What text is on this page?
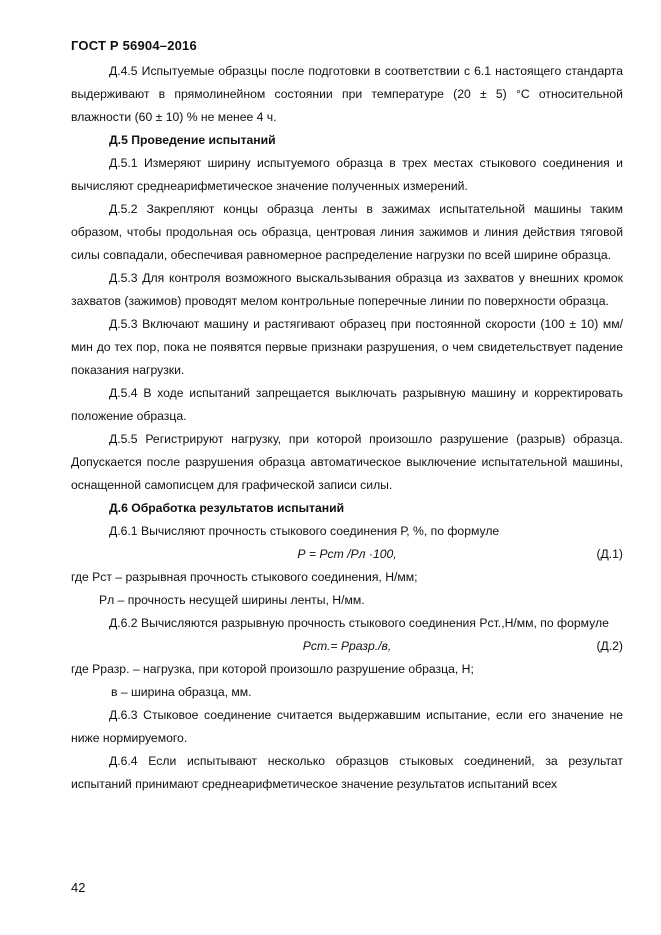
ГОСТ Р 56904–2016

Д.4.5 Испытуемые образцы после подготовки в соответствии с 6.1 настоящего стандарта выдерживают в прямолинейном состоянии при температуре (20 ± 5) °С относительной влажности (60 ± 10) % не менее 4 ч.

Д.5 Проведение испытаний

Д.5.1 Измеряют ширину испытуемого образца в трех местах стыкового соединения и вычисляют среднеарифметическое значение полученных измерений.

Д.5.2 Закрепляют концы образца ленты в зажимах испытательной машины таким образом, чтобы продольная ось образца, центровая линия зажимов и линия действия тяговой силы совпадали, обеспечивая равномерное распределение нагрузки по всей ширине образца.

Д.5.3 Для контроля возможного выскальзывания образца из захватов у внешних кромок захватов (зажимов) проводят мелом контрольные поперечные линии по поверхности образца.

Д.5.3 Включают машину и растягивают образец при постоянной скорости (100 ± 10) мм/мин до тех пор, пока не появятся первые признаки разрушения, о чем свидетельствует падение показания нагрузки.

Д.5.4 В ходе испытаний запрещается выключать разрывную машину и корректировать положение образца.

Д.5.5 Регистрируют нагрузку, при которой произошло разрушение (разрыв) образца. Допускается после разрушения образца автоматическое выключение испытательной машины, оснащенной самописцем для графической записи силы.

Д.6 Обработка результатов испытаний

Д.6.1 Вычисляют прочность стыкового соединения Р, %, по формуле

Р = Рст /Рл ·100,	(Д.1)

где Рст – разрывная прочность стыкового соединения, Н/мм;

Рл – прочность несущей ширины ленты, Н/мм.

Д.6.2 Вычисляются разрывную прочность стыкового соединения Рст.,Н/мм, по формуле

Рст.= Рразр./в,	(Д.2)

где Рразр. – нагрузка, при которой произошло разрушение образца, Н;

в – ширина образца, мм.

Д.6.3 Стыковое соединение считается выдержавшим испытание, если его значение не ниже нормируемого.

Д.6.4 Если испытывают несколько образцов стыковых соединений, за результат испытаний принимают среднеарифметическое значение результатов испытаний всех

42
